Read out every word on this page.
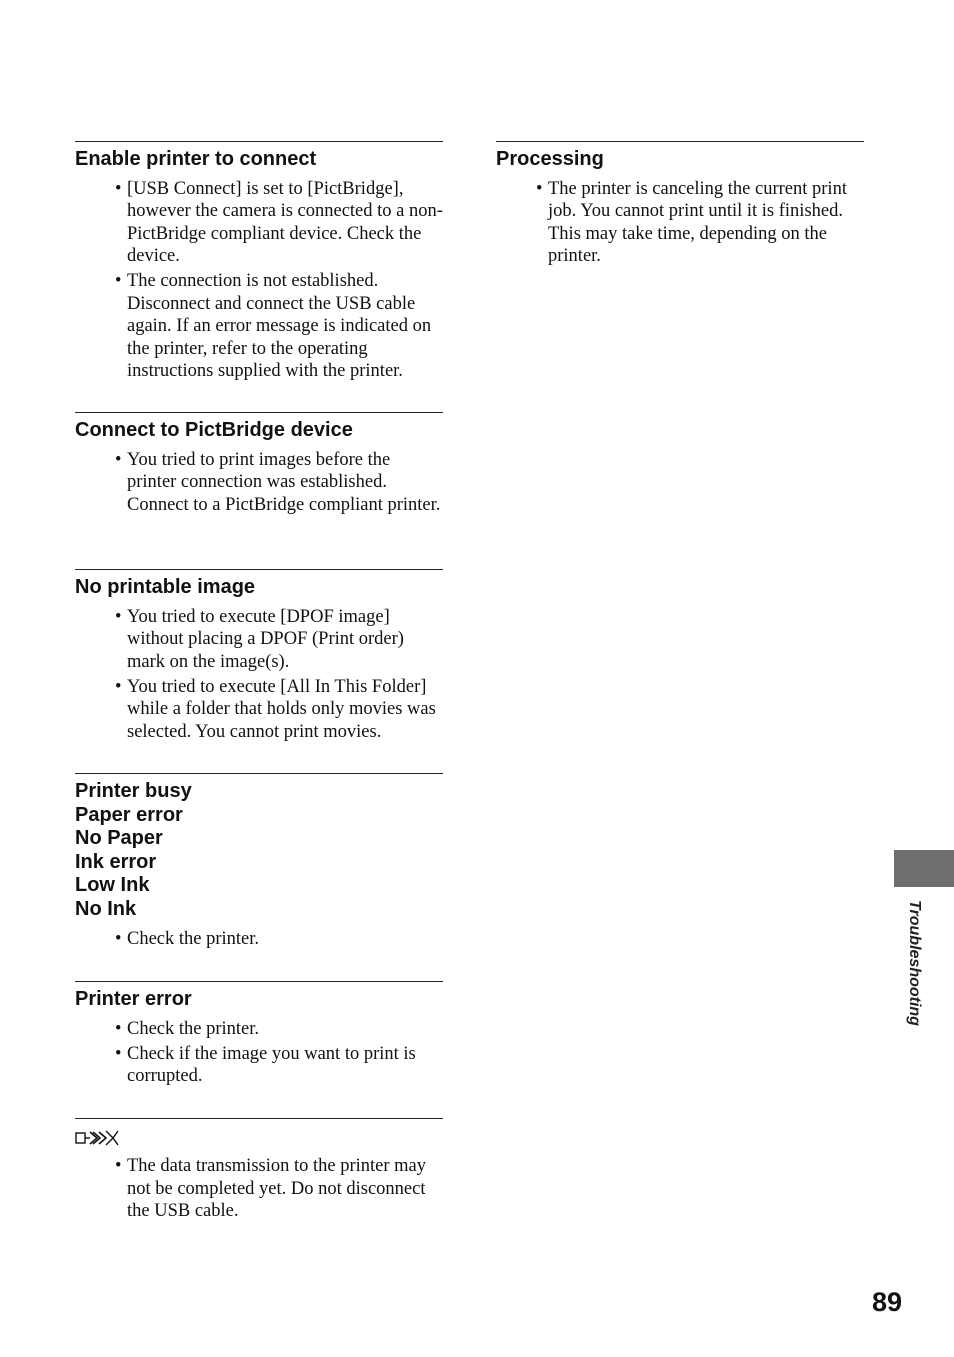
Enable printer to connect
• [USB Connect] is set to [PictBridge], however the camera is connected to a non-PictBridge compliant device. Check the device.
• The connection is not established. Disconnect and connect the USB cable again. If an error message is indicated on the printer, refer to the operating instructions supplied with the printer.
Connect to PictBridge device
• You tried to print images before the printer connection was established. Connect to a PictBridge compliant printer.
No printable image
• You tried to execute [DPOF image] without placing a DPOF (Print order) mark on the image(s).
• You tried to execute [All In This Folder] while a folder that holds only movies was selected. You cannot print movies.
Printer busy
Paper error
No Paper
Ink error
Low Ink
No Ink
• Check the printer.
Printer error
• Check the printer.
• Check if the image you want to print is corrupted.
• The data transmission to the printer may not be completed yet. Do not disconnect the USB cable.
Processing
• The printer is canceling the current print job. You cannot print until it is finished. This may take time, depending on the printer.
Troubleshooting
89
